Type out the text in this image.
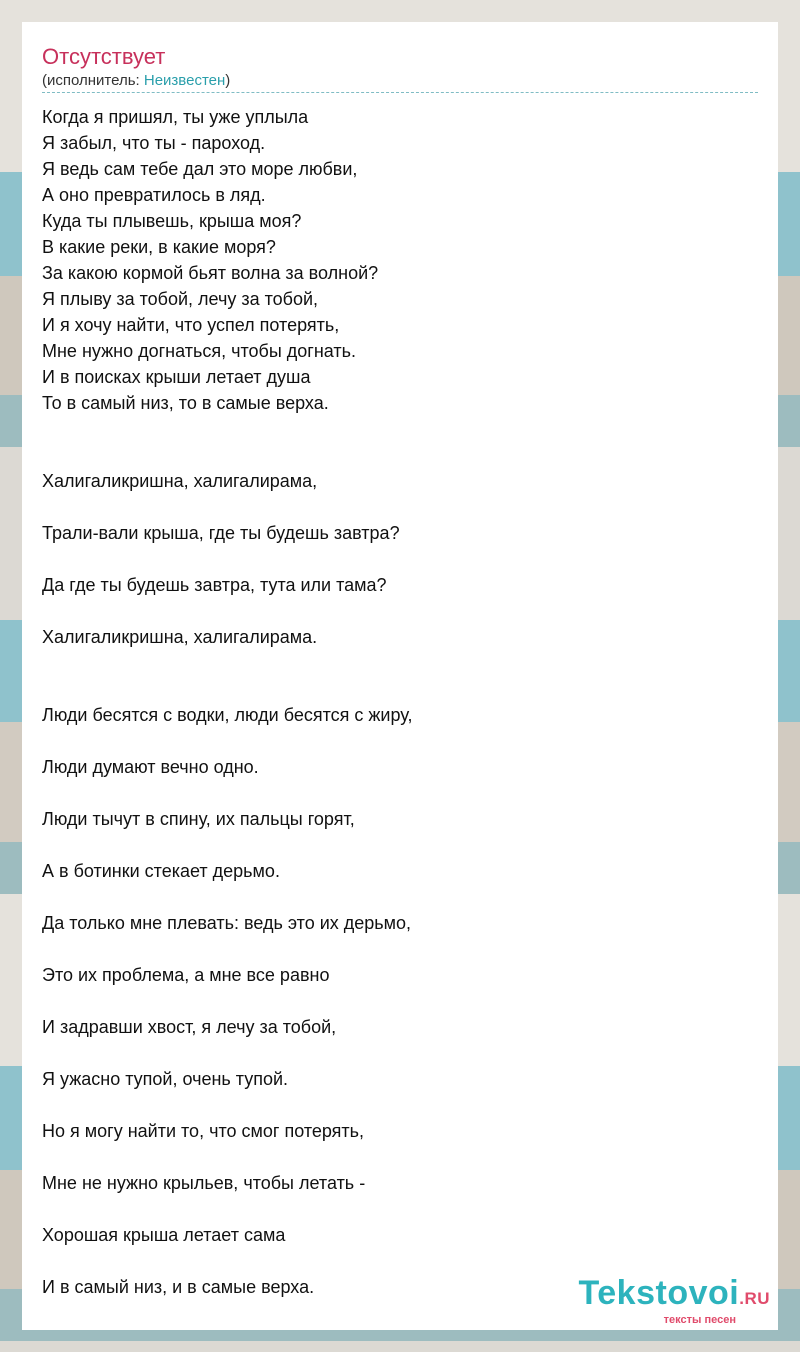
Отсутствует
(исполнитель: Неизвестен)
Когда я пришял, ты уже уплыла
Я забыл, что ты - пароход.
Я ведь сам тебе дал это море любви,
А оно превратилось в ляд.
Куда ты плывешь, крыша моя?
В какие реки, в какие моря?
За какою кормой бьят волна за волной?
Я плыву за тобой, лечу за тобой,
И я хочу найти, что успел потерять,
Мне нужно догнаться, чтобы догнать.
И в поисках крыши летает душа
То в самый низ, то в самые верха.
Халигаликришна, халигалирама,
Трали-вали крыша, где ты будешь завтра?
Да где ты будешь завтра, тута или тама?
Халигаликришна, халигалирама.
Люди бесятся с водки, люди бесятся с жиру,
Люди думают вечно одно.
Люди тычут в спину, их пальцы горят,
А в ботинки стекает дерьмо.
Да только мне плевать: ведь это их дерьмо,
Это их проблема, а мне все равно
И задравши хвост, я лечу за тобой,
Я ужасно тупой, очень тупой.
Но я могу найти то, что смог потерять,
Мне не нужно крыльев, чтобы летать -
Хорошая крыша летает сама
И в самый низ, и в самые верха.	Tekstovoi.RU
тексты песен
